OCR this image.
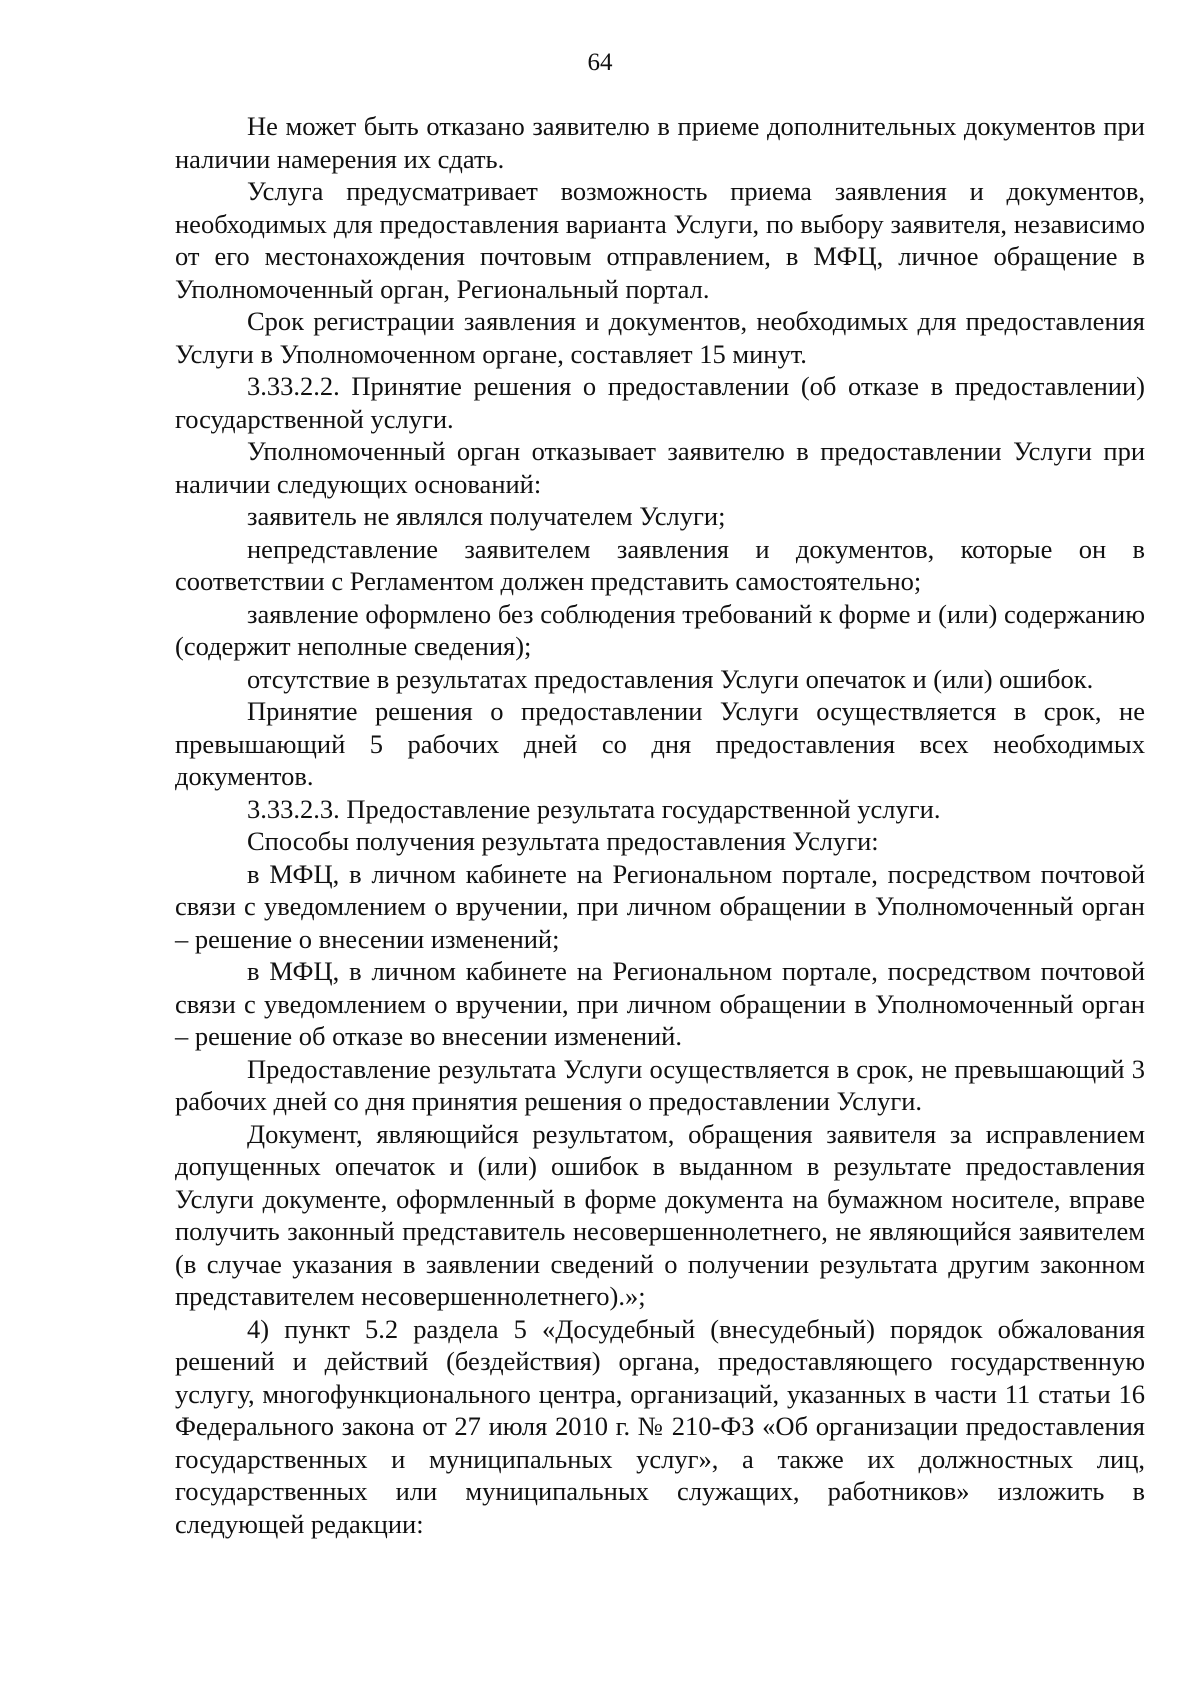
64

Не может быть отказано заявителю в приеме дополнительных документов при наличии намерения их сдать.

Услуга предусматривает возможность приема заявления и документов, необходимых для предоставления варианта Услуги, по выбору заявителя, независимо от его местонахождения почтовым отправлением, в МФЦ, личное обращение в Уполномоченный орган, Региональный портал.

Срок регистрации заявления и документов, необходимых для предоставления Услуги в Уполномоченном органе, составляет 15 минут.

3.33.2.2. Принятие решения о предоставлении (об отказе в предоставлении) государственной услуги.

Уполномоченный орган отказывает заявителю в предоставлении Услуги при наличии следующих оснований:

заявитель не являлся получателем Услуги;

непредставление заявителем заявления и документов, которые он в соответствии с Регламентом должен представить самостоятельно;

заявление оформлено без соблюдения требований к форме и (или) содержанию (содержит неполные сведения);

отсутствие в результатах предоставления Услуги опечаток и (или) ошибок.

Принятие решения о предоставлении Услуги осуществляется в срок, не превышающий 5 рабочих дней со дня предоставления всех необходимых документов.

3.33.2.3. Предоставление результата государственной услуги.

Способы получения результата предоставления Услуги:

в МФЦ, в личном кабинете на Региональном портале, посредством почтовой связи с уведомлением о вручении, при личном обращении в Уполномоченный орган – решение о внесении изменений;

в МФЦ, в личном кабинете на Региональном портале, посредством почтовой связи с уведомлением о вручении, при личном обращении в Уполномоченный орган – решение об отказе во внесении изменений.

Предоставление результата Услуги осуществляется в срок, не превышающий 3 рабочих дней со дня принятия решения о предоставлении Услуги.

Документ, являющийся результатом, обращения заявителя за исправлением допущенных опечаток и (или) ошибок в выданном в результате предоставления Услуги документе, оформленный в форме документа на бумажном носителе, вправе получить законный представитель несовершеннолетнего, не являющийся заявителем (в случае указания в заявлении сведений о получении результата другим законном представителем несовершеннолетнего).»;

4) пункт 5.2 раздела 5 «Досудебный (внесудебный) порядок обжалования решений и действий (бездействия) органа, предоставляющего государственную услугу, многофункционального центра, организаций, указанных в части 11 статьи 16 Федерального закона от 27 июля 2010 г. № 210-ФЗ «Об организации предоставления государственных и муниципальных услуг», а также их должностных лиц, государственных или муниципальных служащих, работников» изложить в следующей редакции:
